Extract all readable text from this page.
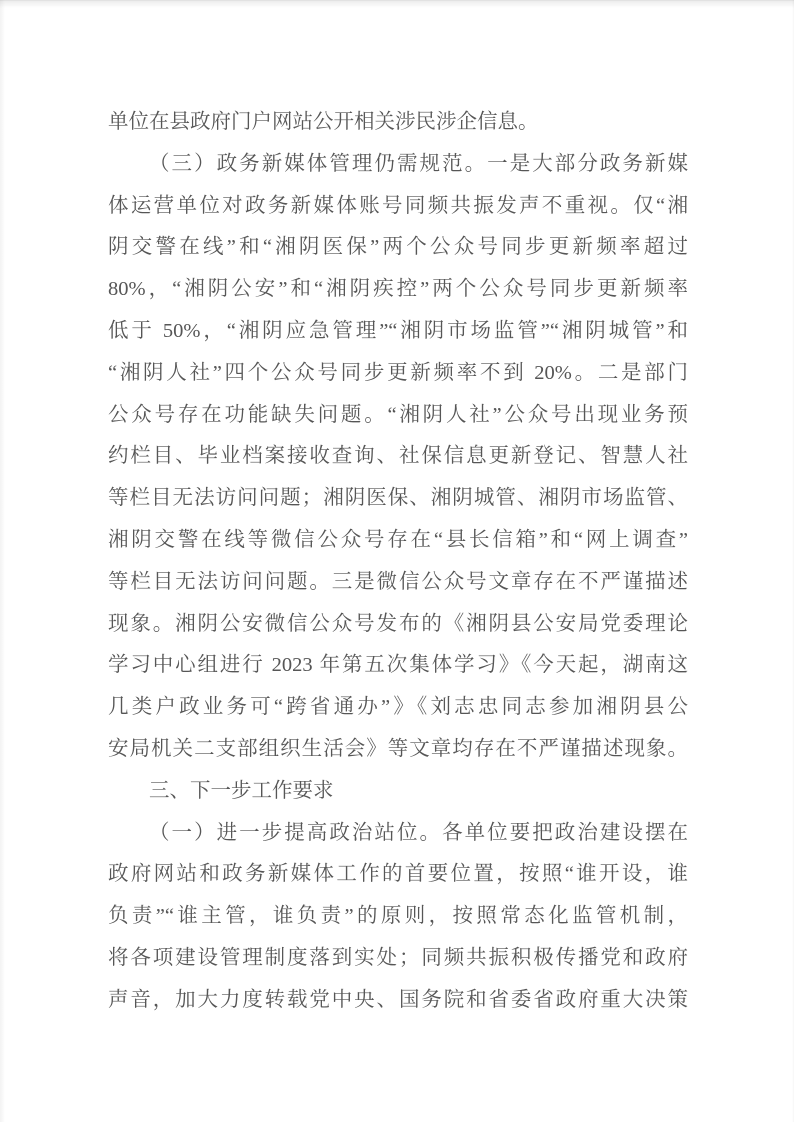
单位在县政府门户网站公开相关涉民涉企信息。
（三）政务新媒体管理仍需规范。一是大部分政务新媒
体运营单位对政务新媒体账号同频共振发声不重视。仅“湘
阴交警在线”和“湘阴医保”两个公众号同步更新频率超过
80%，“湘阴公安”和“湘阴疾控”两个公众号同步更新频率
低于 50%，“湘阴应急管理”“湘阴市场监管”“湘阴城管”和
“湘阴人社”四个公众号同步更新频率不到 20%。二是部门
公众号存在功能缺失问题。“湘阴人社”公众号出现业务预
约栏目、毕业档案接收查询、社保信息更新登记、智慧人社
等栏目无法访问问题；湘阴医保、湘阴城管、湘阴市场监管、
湘阴交警在线等微信公众号存在“县长信箱”和“网上调查”
等栏目无法访问问题。三是微信公众号文章存在不严谨描述
现象。湘阴公安微信公众号发布的《湘阴县公安局党委理论
学习中心组进行 2023 年第五次集体学习》《今天起，湖南这
几类户政业务可“跨省通办”》《刘志忠同志参加湘阴县公
安局机关二支部组织生活会》等文章均存在不严谨描述现象。
三、下一步工作要求
（一）进一步提高政治站位。各单位要把政治建设摆在
政府网站和政务新媒体工作的首要位置，按照“谁开设，谁
负责”“谁主管，谁负责”的原则，按照常态化监管机制，
将各项建设管理制度落到实处；同频共振积极传播党和政府
声音，加大力度转载党中央、国务院和省委省政府重大决策
